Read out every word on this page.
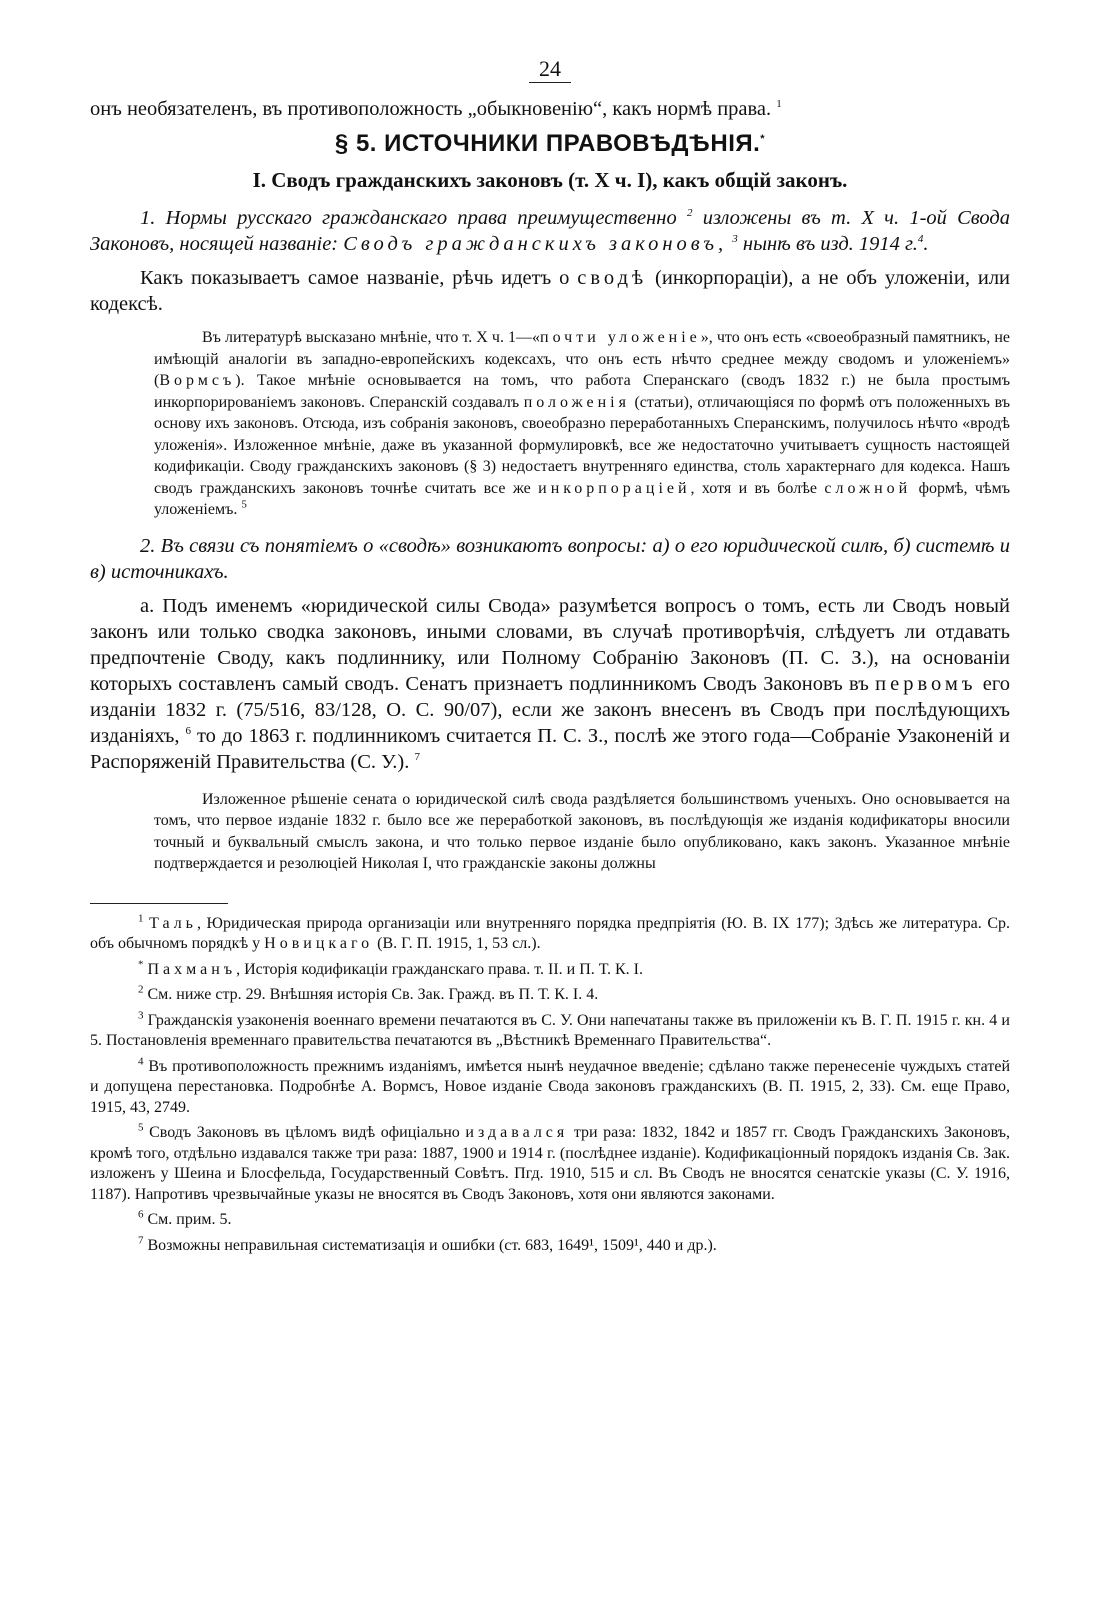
24

онъ необязателенъ, въ противоположность „обыкновенію“, какъ нормѣ права. $^1$

§ 5. ИСТОЧНИКИ ПРАВОВѢДѢНІЯ.*
I. Сводъ гражданскихъ законовъ (т. X ч. I), какъ общій законъ.

1. Нормы русскаго гражданскаго права преимущественно $^2$ изложены въ т. X ч. 1-ой Свода Законовъ, носящей названіе: Сводъ гражданскихъ законовъ, $^3$ нынѣ въ изд. 1914 г.$^4$.

Какъ показываетъ самое названіе, рѣчь идетъ о сводѣ (инкорпораціи), а не объ уложеніи, или кодексѣ.

Въ литературѣ высказано мнѣніе, что т. X ч. 1—«почти уложеніе», что онъ есть «своеобразный памятникъ, не имѣющій аналогіи въ западно-европейскихъ кодексахъ, что онъ есть нѣчто среднее между сводомъ и уложеніемъ» (Вормсъ). Такое мнѣніе основывается на томъ, что работа Сперанскаго (сводъ 1832 г.) не была простымъ инкорпорированіемъ законовъ. Сперанскій создавалъ положенія (статьи), отличающіяся по формѣ отъ положенныхъ въ основу ихъ законовъ. Отсюда, изъ собранія законовъ, своеобразно переработанныхъ Сперанскимъ, получилось нѣчто «вродѣ уложенія». Изложенное мнѣніе, даже въ указанной формулировкѣ, все же недостаточно учитываетъ сущность настоящей кодификаціи. Своду гражданскихъ законовъ (§ 3) недостаетъ внутренняго единства, столь характернаго для кодекса. Нашъ сводъ гражданскихъ законовъ точнѣе считать все же инкорпораціей, хотя и въ болѣе сложной формѣ, чѣмъ уложеніемъ. $^5$

2. Въ связи съ понятіемъ о «сводѣ» возникаютъ вопросы: а) о его юридической силѣ, б) системѣ и в) источникахъ.

а. Подъ именемъ «юридической силы Свода» разумѣется вопросъ о томъ, есть ли Сводъ новый законъ или только сводка законовъ, иными словами, въ случаѣ противорѣчія, слѣдуетъ ли отдавать предпочтеніе Своду, какъ подлиннику, или Полному Собранію Законовъ (П. С. З.), на основаніи которыхъ составленъ самый сводъ. Сенатъ признаетъ подлинникомъ Сводъ Законовъ въ первомъ его изданіи 1832 г. (75/516, 83/128, О. С. 90/07), если же законъ внесенъ въ Сводъ при послѣдующихъ изданіяхъ, $^6$ то до 1863 г. подлинникомъ считается П. С. З., послѣ же этого года—Собраніе Узаконеній и Распоряженій Правительства (С. У.). $^7$

Изложенное рѣшеніе сената о юридической силѣ свода раздѣляется большинствомъ ученыхъ. Оно основывается на томъ, что первое изданіе 1832 г. было все же переработкой законовъ, въ послѣдующія же изданія кодификаторы вносили точный и буквальный смыслъ закона, и что только первое изданіе было опубликовано, какъ законъ. Указанное мнѣніе подтверждается и резолюціей Николая I, что гражданскіе законы должны

$^1$ Таль, Юридическая природа организаціи или внутренняго порядка предпріятія (Ю. В. IX 177); Здѣсь же литература. Ср. объ обычномъ порядкѣ у Новицкаго (В. Г. П. 1915, 1, 53 сл.).

* Пахманъ, Исторія кодификаціи гражданскаго права. т. II. и П. Т. К. I.

$^2$ См. ниже стр. 29. Внѣшняя исторія Св. Зак. Гражд. въ П. Т. К. I. 4.

$^3$ Гражданскія узаконенія военнаго времени печатаются въ С. У. Они напечатаны также въ приложеніи къ В. Г. П. 1915 г. кн. 4 и 5. Постановленія временнаго правительства печатаются въ „Вѣстникѣ Временнаго Правительства“.

$^4$ Въ противоположность прежнимъ изданіямъ, имѣется нынѣ неудачное введеніе; сдѣлано также перенесеніе чуждыхъ статей и допущена перестановка. Подробнѣе А. Вормсъ, Новое изданіе Свода законовъ гражданскихъ (В. П. 1915, 2, 33). См. еще Право, 1915, 43, 2749.

$^5$ Сводъ Законовъ въ цѣломъ видѣ офиціально издавался три раза: 1832, 1842 и 1857 гг. Сводъ Гражданскихъ Законовъ, кромѣ того, отдѣльно издавался также три раза: 1887, 1900 и 1914 г. (послѣднее изданіе). Кодификаціонный порядокъ изданія Св. Зак. изложенъ у Шеина и Блосфельда, Государственный Совѣтъ. Пгд. 1910, 515 и сл. Въ Сводъ не вносятся сенатскіе указы (С. У. 1916, 1187). Напротивъ чрезвычайные указы не вносятся въ Сводъ Законовъ, хотя они являются законами.

$^6$ См. прим. 5.

$^7$ Возможны неправильная систематизація и ошибки (ст. 683, 1649¹, 1509¹, 440 и др.).
